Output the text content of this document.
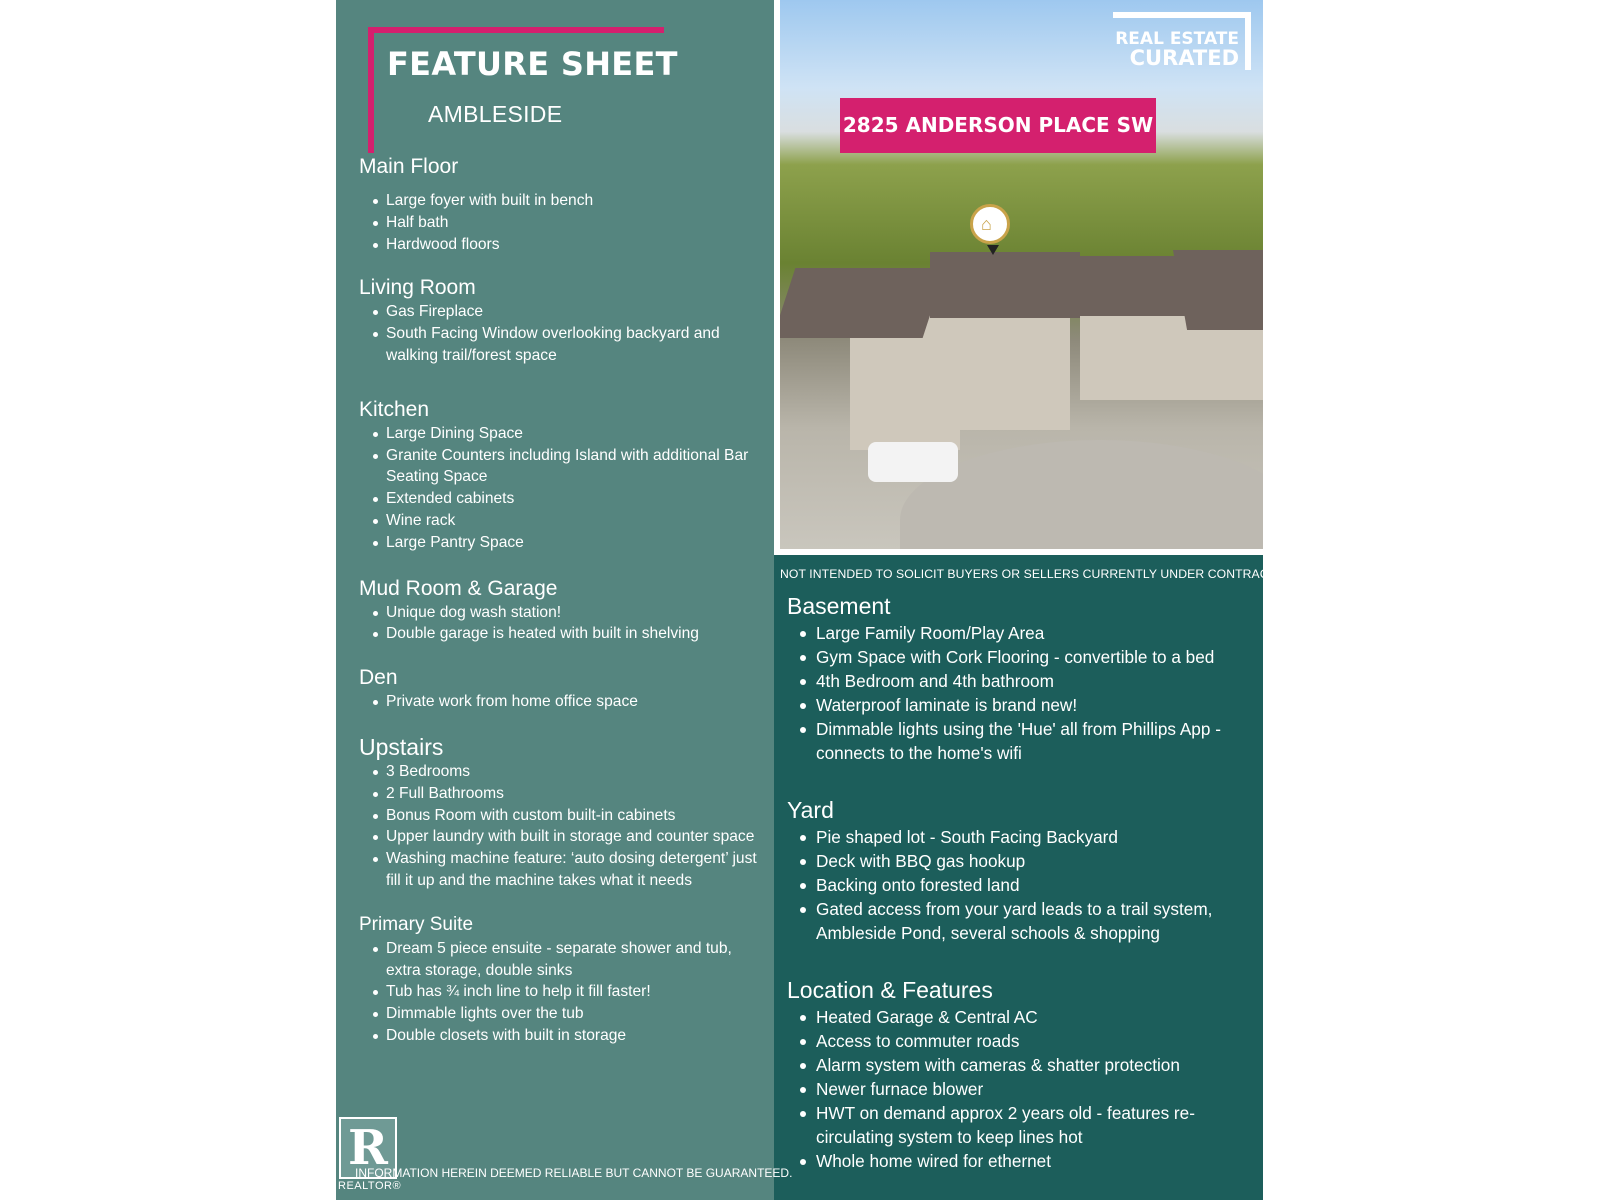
FEATURE SHEET
AMBLESIDE
Main Floor
Large foyer with built in bench
Half bath
Hardwood floors
Living Room
Gas Fireplace
South Facing Window overlooking backyard and walking trail/forest space
Kitchen
Large Dining Space
Granite Counters including Island with additional Bar Seating Space
Extended cabinets
Wine rack
Large Pantry Space
Mud Room & Garage
Unique dog wash station!
Double garage is heated with built in shelving
Den
Private work from home office space
Upstairs
3 Bedrooms
2 Full Bathrooms
Bonus Room with custom built-in cabinets
Upper laundry with built in storage and counter space
Washing machine feature: ‘auto dosing detergent’ just fill it up and the machine takes what it needs
Primary Suite
Dream 5 piece ensuite - separate shower and tub, extra storage, double sinks
Tub has ¾ inch line to help it fill faster!
Dimmable lights over the tub
Double closets with built in storage
⌂
REAL ESTATE
CURATED
2825 ANDERSON PLACE SW
NOT INTENDED TO SOLICIT BUYERS OR SELLERS CURRENTLY UNDER CONTRACT
Basement
Large Family Room/Play Area
Gym Space with Cork Flooring - convertible to a bed
4th Bedroom and 4th bathroom
Waterproof laminate is brand new!
Dimmable lights using the 'Hue' all from Phillips App - connects to the home's wifi
Yard
Pie shaped lot - South Facing Backyard
Deck with BBQ gas hookup
Backing onto forested land
Gated access from your yard leads to a trail system, Ambleside Pond, several schools & shopping
Location & Features
Heated Garage & Central AC
Access to commuter roads
Alarm system with cameras & shatter protection
Newer furnace blower
HWT on demand approx 2 years old - features re-circulating system to keep lines hot
Whole home wired for ethernet
R
REALTOR®
INFORMATION HEREIN DEEMED RELIABLE BUT CANNOT BE GUARANTEED.
